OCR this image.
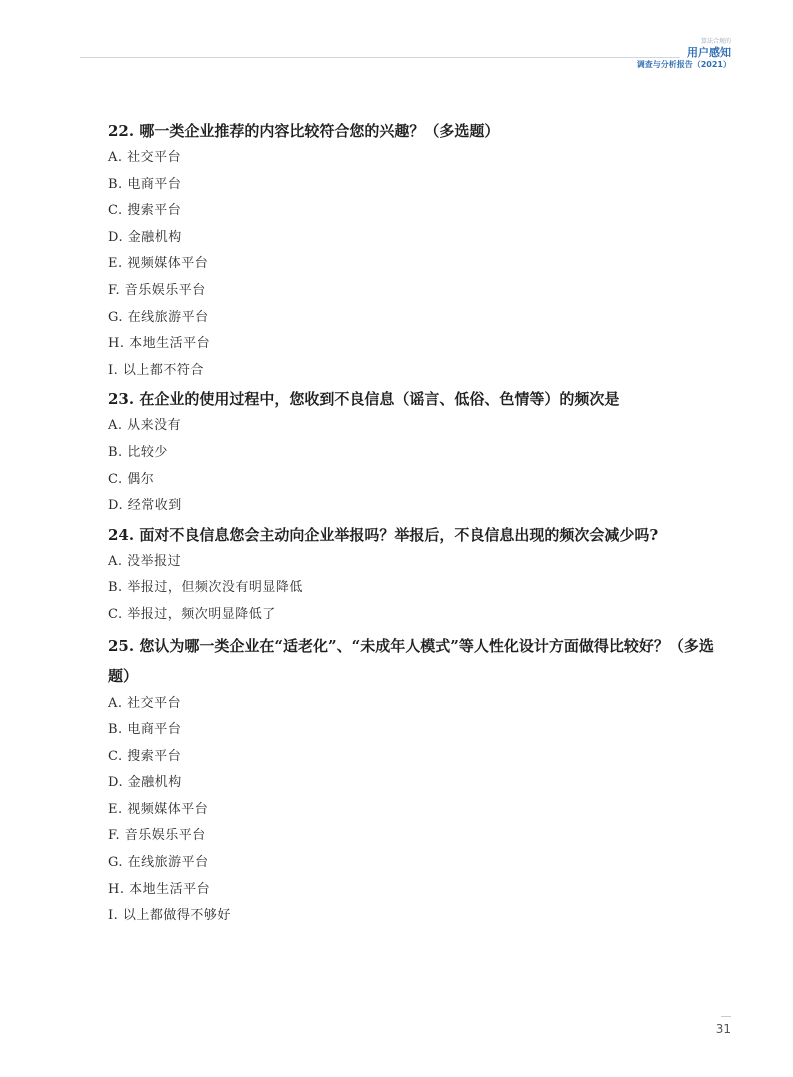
算法合规的
用户感知
调查与分析报告（2021）

22. 哪一类企业推荐的内容比较符合您的兴趣？（多选题）

A. 社交平台
B. 电商平台
C. 搜索平台
D. 金融机构
E. 视频媒体平台
F. 音乐娱乐平台
G. 在线旅游平台
H. 本地生活平台
I. 以上都不符合

23. 在企业的使用过程中，您收到不良信息（谣言、低俗、色情等）的频次是

A. 从来没有
B. 比较少
C. 偶尔
D. 经常收到

24. 面对不良信息您会主动向企业举报吗？举报后，不良信息出现的频次会减少吗?

A. 没举报过
B. 举报过，但频次没有明显降低
C. 举报过，频次明显降低了

25. 您认为哪一类企业在“适老化”、“未成年人模式”等人性化设计方面做得比较好？（多选题）

A. 社交平台
B. 电商平台
C. 搜索平台
D. 金融机构
E. 视频媒体平台
F. 音乐娱乐平台
G. 在线旅游平台
H. 本地生活平台
I. 以上都做得不够好
31
